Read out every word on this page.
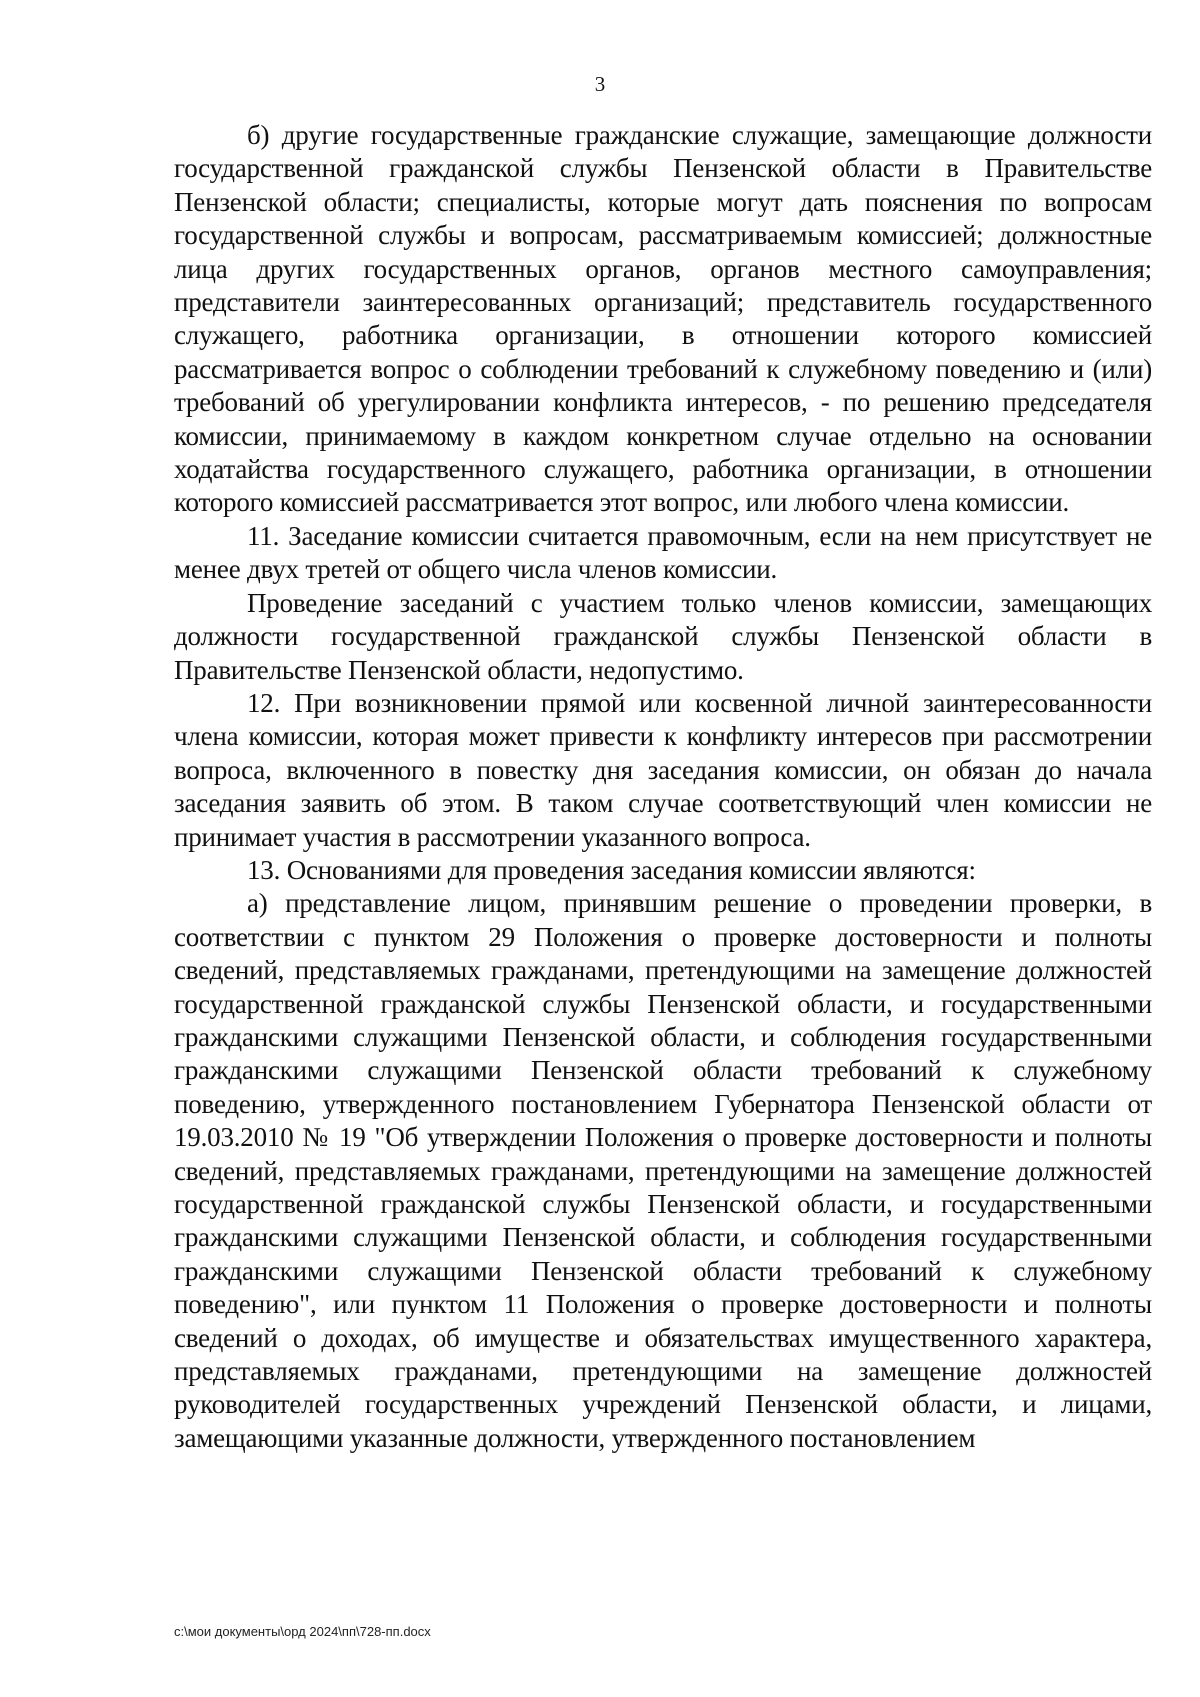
3

б) другие государственные гражданские служащие, замещающие должности государственной гражданской службы Пензенской области в Правительстве Пензенской области; специалисты, которые могут дать пояснения по вопросам государственной службы и вопросам, рассматриваемым комиссией; должностные лица других государственных органов, органов местного самоуправления; представители заинтересованных организаций; представитель государственного служащего, работника организации, в отношении которого комиссией рассматривается вопрос о соблюдении требований к служебному поведению и (или) требований об урегулировании конфликта интересов, - по решению председателя комиссии, принимаемому в каждом конкретном случае отдельно на основании ходатайства государственного служащего, работника организации, в отношении которого комиссией рассматривается этот вопрос, или любого члена комиссии.

11. Заседание комиссии считается правомочным, если на нем присутствует не менее двух третей от общего числа членов комиссии.

Проведение заседаний с участием только членов комиссии, замещающих должности государственной гражданской службы Пензенской области в Правительстве Пензенской области, недопустимо.

12. При возникновении прямой или косвенной личной заинтересованности члена комиссии, которая может привести к конфликту интересов при рассмотрении вопроса, включенного в повестку дня заседания комиссии, он обязан до начала заседания заявить об этом. В таком случае соответствующий член комиссии не принимает участия в рассмотрении указанного вопроса.

13. Основаниями для проведения заседания комиссии являются:

а) представление лицом, принявшим решение о проведении проверки, в соответствии с пунктом 29 Положения о проверке достоверности и полноты сведений, представляемых гражданами, претендующими на замещение должностей государственной гражданской службы Пензенской области, и государственными гражданскими служащими Пензенской области, и соблюдения государственными гражданскими служащими Пензенской области требований к служебному поведению, утвержденного постановлением Губернатора Пензенской области от 19.03.2010 № 19 "Об утверждении Положения о проверке достоверности и полноты сведений, представляемых гражданами, претендующими на замещение должностей государственной гражданской службы Пензенской области, и государственными гражданскими служащими Пензенской области, и соблюдения государственными гражданскими служащими Пензенской области требований к служебному поведению", или пунктом 11 Положения о проверке достоверности и полноты сведений о доходах, об имуществе и обязательствах имущественного характера, представляемых гражданами, претендующими на замещение должностей руководителей государственных учреждений Пензенской области, и лицами, замещающими указанные должности, утвержденного постановлением

c:\мои документы\орд 2024\пп\728-пп.docx
